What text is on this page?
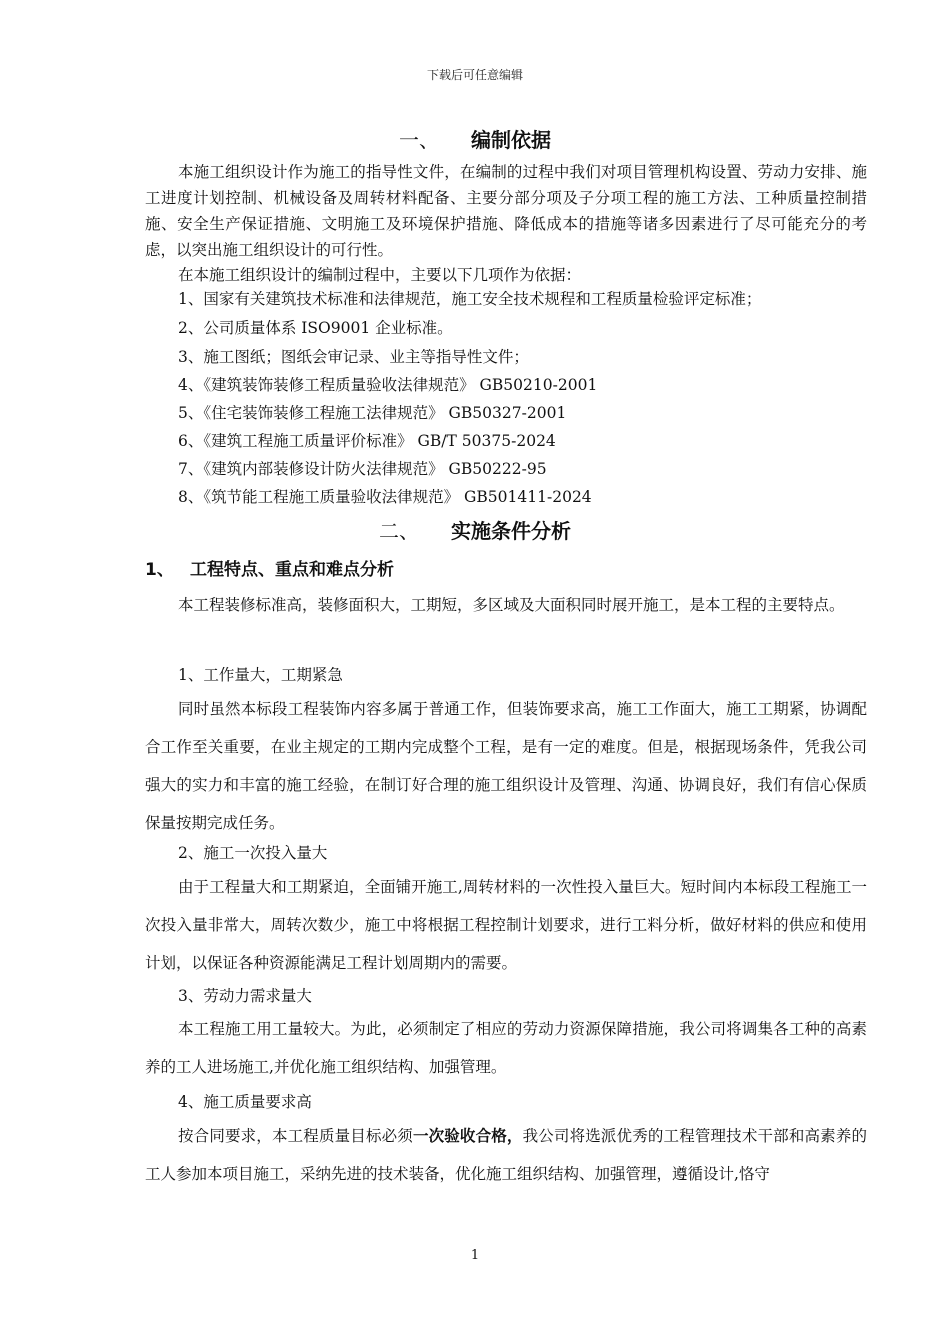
下载后可任意编辑
一、 编制依据
本施工组织设计作为施工的指导性文件，在编制的过程中我们对项目管理机构设置、劳动力安排、施工进度计划控制、机械设备及周转材料配备、主要分部分项及子分项工程的施工方法、工种质量控制措施、安全生产保证措施、文明施工及环境保护措施、降低成本的措施等诸多因素进行了尽可能充分的考虑，以突出施工组织设计的可行性。
在本施工组织设计的编制过程中，主要以下几项作为依据：
1、国家有关建筑技术标准和法律规范，施工安全技术规程和工程质量检验评定标准；
2、公司质量体系 ISO9001 企业标准。
3、施工图纸；图纸会审记录、业主等指导性文件；
4、《建筑装饰装修工程质量验收法律规范》 GB50210-2001
5、《住宅装饰装修工程施工法律规范》 GB50327-2001
6、《建筑工程施工质量评价标准》 GB/T 50375-2024
7、《建筑内部装修设计防火法律规范》 GB50222-95
8、《筑节能工程施工质量验收法律规范》 GB501411-2024
二、 实施条件分析
1、 工程特点、重点和难点分析
本工程装修标准高，装修面积大，工期短，多区域及大面积同时展开施工，是本工程的主要特点。
1、工作量大，工期紧急
同时虽然本标段工程装饰内容多属于普通工作，但装饰要求高，施工工作面大，施工工期紧，协调配合工作至关重要，在业主规定的工期内完成整个工程，是有一定的难度。但是，根据现场条件，凭我公司强大的实力和丰富的施工经验，在制订好合理的施工组织设计及管理、沟通、协调良好，我们有信心保质保量按期完成任务。
2、施工一次投入量大
由于工程量大和工期紧迫，全面铺开施工,周转材料的一次性投入量巨大。短时间内本标段工程施工一次投入量非常大，周转次数少，施工中将根据工程控制计划要求，进行工料分析，做好材料的供应和使用计划，以保证各种资源能满足工程计划周期内的需要。
3、劳动力需求量大
本工程施工用工量较大。为此，必须制定了相应的劳动力资源保障措施，我公司将调集各工种的高素养的工人进场施工,并优化施工组织结构、加强管理。
4、施工质量要求高
按合同要求，本工程质量目标必须一次验收合格，我公司将选派优秀的工程管理技术干部和高素养的工人参加本项目施工，采纳先进的技术装备，优化施工组织结构、加强管理，遵循设计,恪守
1
